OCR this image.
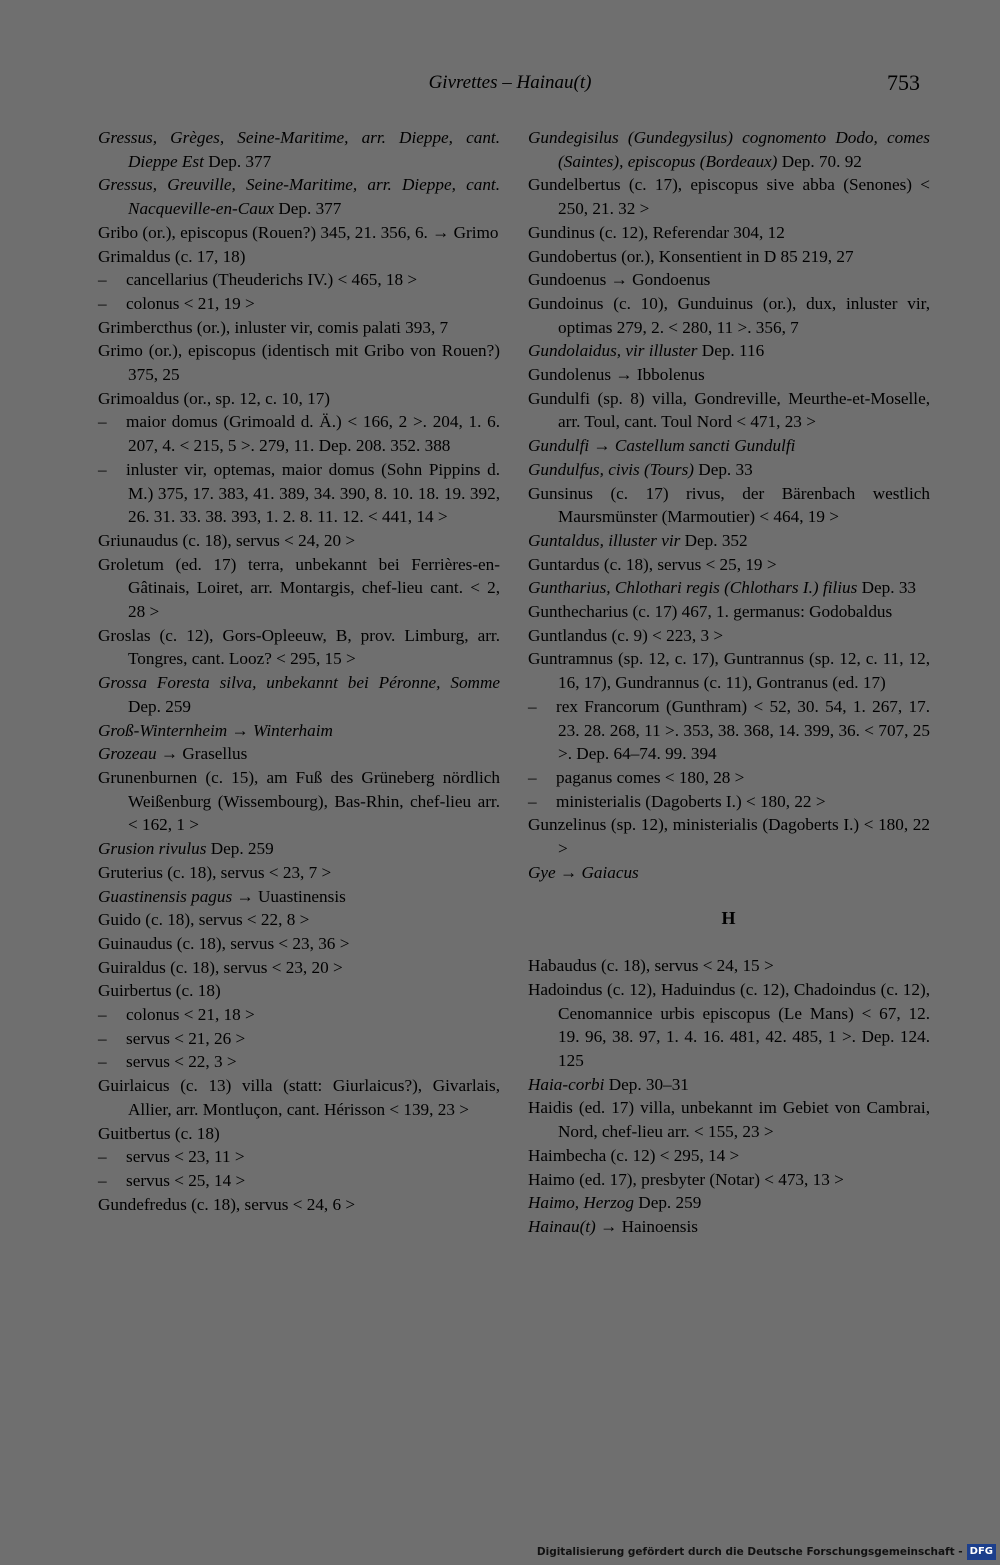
Givrettes – Hainau(t)	753

Gressus, Grèges, Seine-Maritime, arr. Dieppe, cant. Dieppe Est Dep. 377

Gressus, Greuville, Seine-Maritime, arr. Dieppe, cant. Nacqueville-en-Caux Dep. 377

Gribo (or.), episcopus (Rouen?) 345, 21. 356, 6. → Grimo

Grimaldus (c. 17, 18)

– cancellarius (Theuderichs IV.) < 465, 18 >

– colonus < 21, 19 >

Grimbercthus (or.), inluster vir, comis palati 393, 7

Grimo (or.), episcopus (identisch mit Gribo von Rouen?) 375, 25

Grimoaldus (or., sp. 12, c. 10, 17)

– maior domus (Grimoald d. Ä.) < 166, 2 >. 204, 1. 6. 207, 4. < 215, 5 >. 279, 11. Dep. 208. 352. 388

– inluster vir, optemas, maior domus (Sohn Pippins d. M.) 375, 17. 383, 41. 389, 34. 390, 8. 10. 18. 19. 392, 26. 31. 33. 38. 393, 1. 2. 8. 11. 12. < 441, 14 >

Griunaudus (c. 18), servus < 24, 20 >

Groletum (ed. 17) terra, unbekannt bei Ferrières-en-Gâtinais, Loiret, arr. Montargis, chef-lieu cant. < 2, 28 >

Groslas (c. 12), Gors-Opleeuw, B, prov. Limburg, arr. Tongres, cant. Looz? < 295, 15 >

Grossa Foresta silva, unbekannt bei Péronne, Somme Dep. 259

Groß-Winternheim → Winterhaim

Grozeau → Grasellus

Grunenburnen (c. 15), am Fuß des Grüneberg nördlich Weißenburg (Wissembourg), Bas-Rhin, chef-lieu arr. < 162, 1 >

Grusion rivulus Dep. 259

Gruterius (c. 18), servus < 23, 7 >

Guastinensis pagus → Uuastinensis

Guido (c. 18), servus < 22, 8 >

Guinaudus (c. 18), servus < 23, 36 >

Guiraldus (c. 18), servus < 23, 20 >

Guirbertus (c. 18)

– colonus < 21, 18 >

– servus < 21, 26 >

– servus < 22, 3 >

Guirlaicus (c. 13) villa (statt: Giurlaicus?), Givarlais, Allier, arr. Montluçon, cant. Hérisson < 139, 23 >

Guitbertus (c. 18)

– servus < 23, 11 >

– servus < 25, 14 >

Gundefredus (c. 18), servus < 24, 6 >

Gundegisilus (Gundegysilus) cognomento Dodo, comes (Saintes), episcopus (Bordeaux) Dep. 70. 92

Gundelbertus (c. 17), episcopus sive abba (Senones) < 250, 21. 32 >

Gundinus (c. 12), Referendar 304, 12

Gundobertus (or.), Konsentient in D 85 219, 27

Gundoenus → Gondoenus

Gundoinus (c. 10), Gunduinus (or.), dux, inluster vir, optimas 279, 2. < 280, 11 >. 356, 7

Gundolaidus, vir illuster Dep. 116

Gundolenus → Ibbolenus

Gundulfi (sp. 8) villa, Gondreville, Meurthe-et-Moselle, arr. Toul, cant. Toul Nord < 471, 23 >

Gundulfi → Castellum sancti Gundulfi

Gundulfus, civis (Tours) Dep. 33

Gunsinus (c. 17) rivus, der Bärenbach westlich Maursmünster (Marmoutier) < 464, 19 >

Guntaldus, illuster vir Dep. 352

Guntardus (c. 18), servus < 25, 19 >

Guntharius, Chlothari regis (Chlothars I.) filius Dep. 33

Gunthecharius (c. 17) 467, 1. germanus: Godobaldus

Guntlandus (c. 9) < 223, 3 >

Guntramnus (sp. 12, c. 17), Guntrannus (sp. 12, c. 11, 12, 16, 17), Gundrannus (c. 11), Gontranus (ed. 17)

– rex Francorum (Gunthram) < 52, 30. 54, 1. 267, 17. 23. 28. 268, 11 >. 353, 38. 368, 14. 399, 36. < 707, 25 >. Dep. 64–74. 99. 394

– paganus comes < 180, 28 >

– ministerialis (Dagoberts I.) < 180, 22 >

Gunzelinus (sp. 12), ministerialis (Dagoberts I.) < 180, 22 >

Gye → Gaiacus

H

Habaudus (c. 18), servus < 24, 15 >

Hadoindus (c. 12), Haduindus (c. 12), Chadoindus (c. 12), Cenomannice urbis episcopus (Le Mans) < 67, 12. 19. 96, 38. 97, 1. 4. 16. 481, 42. 485, 1 >. Dep. 124. 125

Haia-corbi Dep. 30–31

Haidis (ed. 17) villa, unbekannt im Gebiet von Cambrai, Nord, chef-lieu arr. < 155, 23 >

Haimbecha (c. 12) < 295, 14 >

Haimo (ed. 17), presbyter (Notar) < 473, 13 >

Haimo, Herzog Dep. 259

Hainau(t) → Hainoensis

Digitalisierung gefördert durch die Deutsche Forschungsgemeinschaft - DFG
